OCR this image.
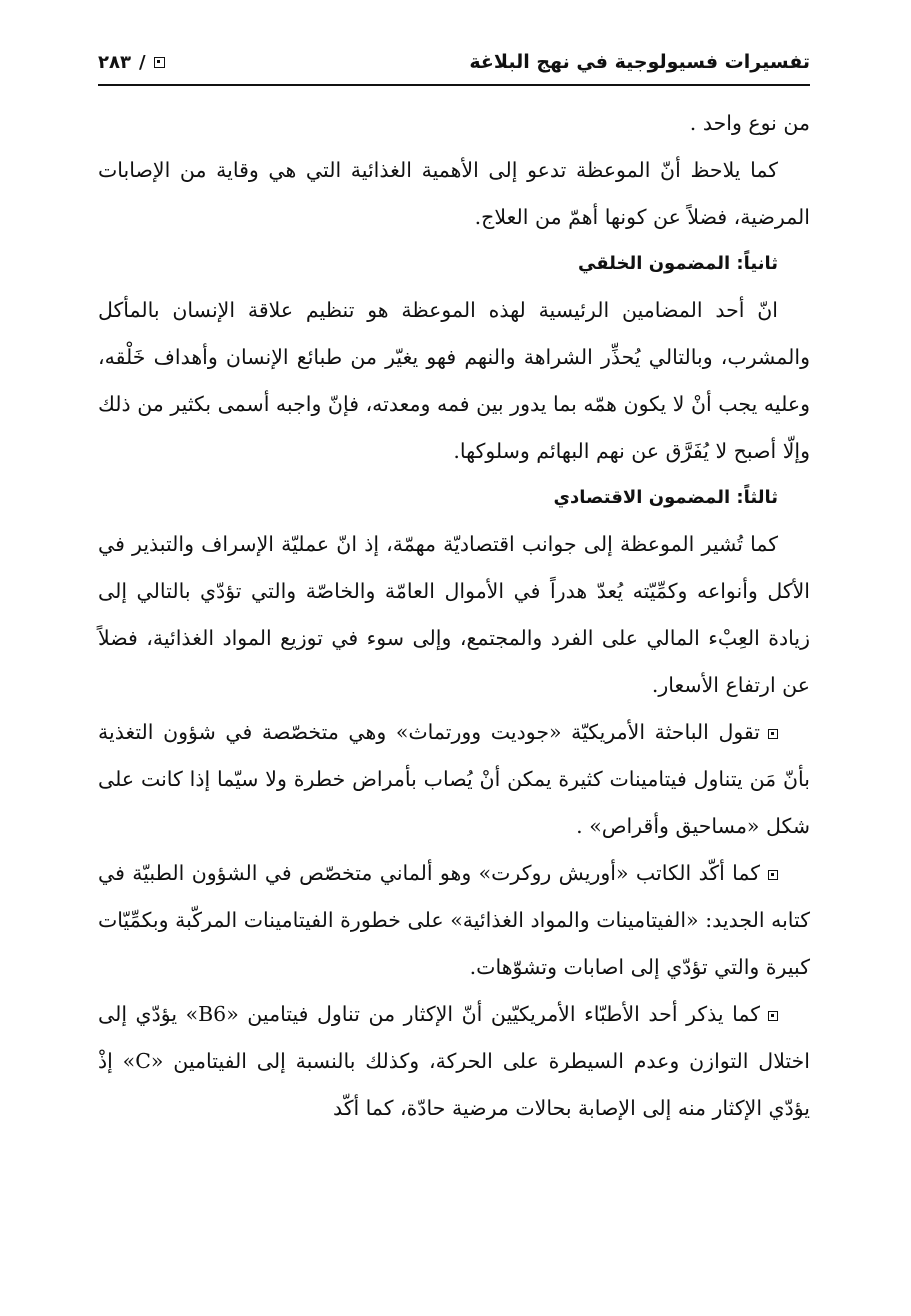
تفسيرات فسيولوجية في نهج البلاغة
/
٢٨٣

من نوع واحد .

كما يلاحظ أنّ الموعظة تدعو إلى الأهمية الغذائية التي هي وقاية من الإصابات المرضية، فضلاً عن كونها أهمّ من العلاج.

ثانياً: المضمون الخلقي

انّ أحد المضامين الرئيسية لهذه الموعظة هو تنظيم علاقة الإنسان بالمأكل والمشرب، وبالتالي يُحذِّر الشراهة والنهم فهو يغيّر من طبائع الإنسان وأهداف خَلْقه، وعليه يجب أنْ لا يكون همّه بما يدور بين فمه ومعدته، فإنّ واجبه أسمى بكثير من ذلك وإلّا أصبح لا يُفَرَّق عن نهم البهائم وسلوكها.

ثالثاً: المضمون الاقتصادي

كما تُشير الموعظة إلى جوانب اقتصاديّة مهمّة، إذ انّ عمليّة الإسراف والتبذير في الأكل وأنواعه وكمِّيّته يُعدّ هدراً في الأموال العامّة والخاصّة والتي تؤدّي بالتالي إلى زيادة العِبْء المالي على الفرد والمجتمع، وإلى سوء في توزيع المواد الغذائية، فضلاً عن ارتفاع الأسعار.

تقول الباحثة الأمريكيّة «جوديت وورتماث» وهي متخصّصة في شؤون التغذية بأنّ مَن يتناول فيتامينات كثيرة يمكن أنْ يُصاب بأمراض خطرة ولا سيّما إذا كانت على شكل «مساحيق وأقراص» .

كما أكّد الكاتب «أوريش روكرت» وهو ألماني متخصّص في الشؤون الطبيّة في كتابه الجديد: «الفيتامينات والمواد الغذائية» على خطورة الفيتامينات المركّبة وبكمِّيّات كبيرة والتي تؤدّي إلى اصابات وتشوّهات.

كما يذكر أحد الأطبّاء الأمريكيّين أنّ الإكثار من تناول فيتامين «B6» يؤدّي إلى اختلال التوازن وعدم السيطرة على الحركة، وكذلك بالنسبة إلى الفيتامين «C» إذْ يؤدّي الإكثار منه إلى الإصابة بحالات مرضية حادّة، كما أكّد
